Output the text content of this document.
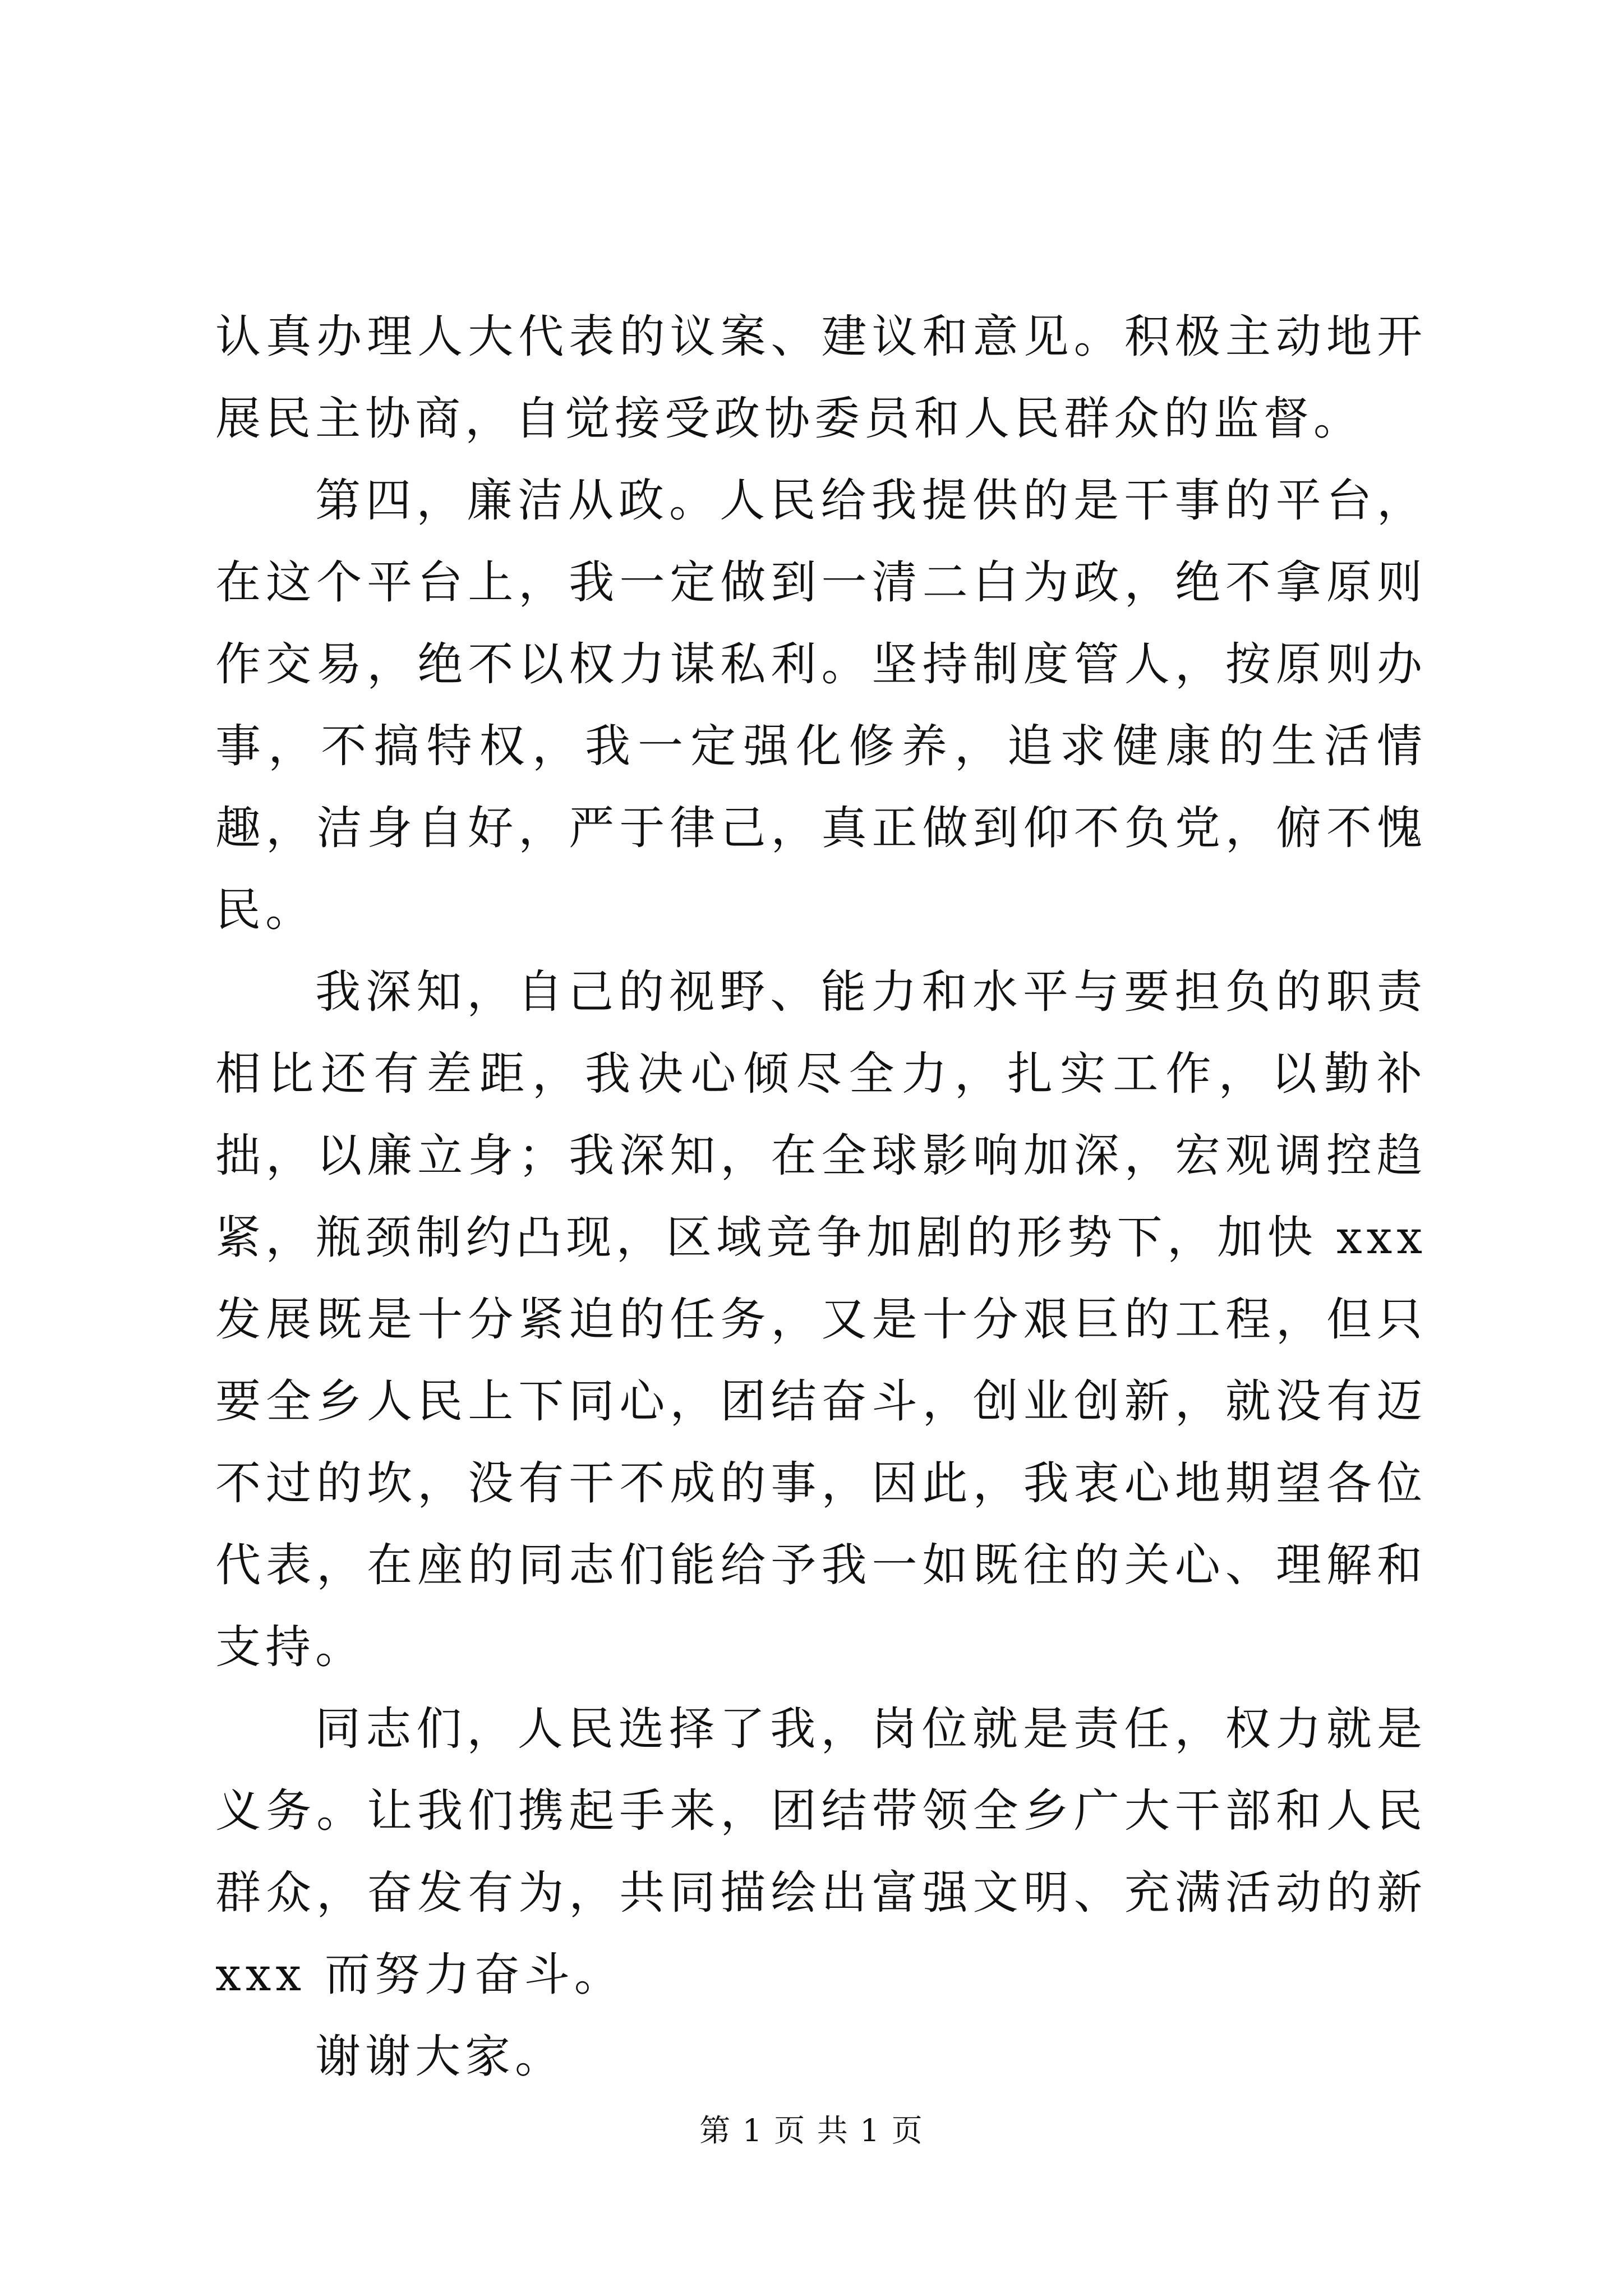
认真办理人大代表的议案、建议和意见。积极主动地开展民主协商，自觉接受政协委员和人民群众的监督。

第四，廉洁从政。人民给我提供的是干事的平台，在这个平台上，我一定做到一清二白为政，绝不拿原则作交易，绝不以权力谋私利。坚持制度管人，按原则办事，不搞特权，我一定强化修养，追求健康的生活情趣，洁身自好，严于律己，真正做到仰不负党，俯不愧民。

我深知，自己的视野、能力和水平与要担负的职责相比还有差距，我决心倾尽全力，扎实工作，以勤补拙，以廉立身；我深知，在全球影响加深，宏观调控趋紧，瓶颈制约凸现，区域竞争加剧的形势下，加快 xxx 发展既是十分紧迫的任务，又是十分艰巨的工程，但只要全乡人民上下同心，团结奋斗，创业创新，就没有迈不过的坎，没有干不成的事，因此，我衷心地期望各位代表，在座的同志们能给予我一如既往的关心、理解和支持。

同志们，人民选择了我，岗位就是责任，权力就是义务。让我们携起手来，团结带领全乡广大干部和人民群众，奋发有为，共同描绘出富强文明、充满活动的新 xxx 而努力奋斗。

谢谢大家。

第 1 页 共 1 页
